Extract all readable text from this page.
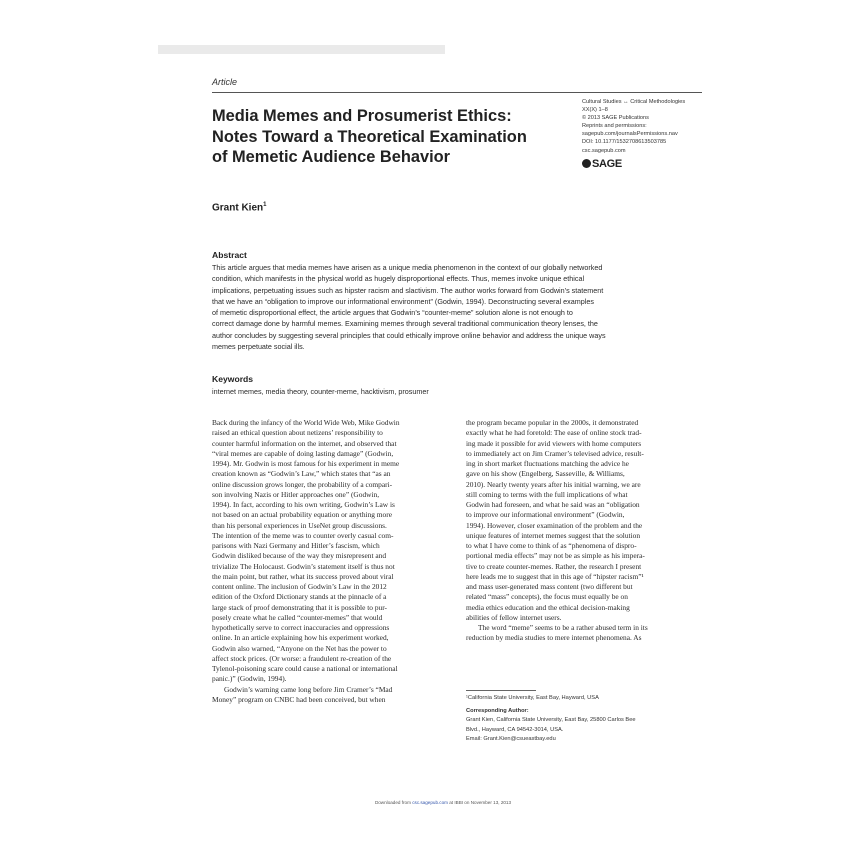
Article
Media Memes and Prosumerist Ethics:
Notes Toward a Theoretical Examination
of Memetic Audience Behavior
Cultural Studies ↔ Critical Methodologies
XX(X) 1–8
© 2013 SAGE Publications
Reprints and permissions:
sagepub.com/journalsPermissions.nav
DOI: 10.1177/1532708613503785
csc.sagepub.com
SAGE
Grant Kien$^1$
Abstract
This article argues that media memes have arisen as a unique media phenomenon in the context of our globally networked
condition, which manifests in the physical world as hugely disproportional effects. Thus, memes invoke unique ethical
implications, perpetuating issues such as hipster racism and slactivism. The author works forward from Godwin’s statement
that we have an “obligation to improve our informational environment” (Godwin, 1994). Deconstructing several examples
of memetic disproportional effect, the article argues that Godwin’s “counter-meme” solution alone is not enough to
correct damage done by harmful memes. Examining memes through several traditional communication theory lenses, the
author concludes by suggesting several principles that could ethically improve online behavior and address the unique ways
memes perpetuate social ills.
Keywords
internet memes, media theory, counter-meme, hacktivism, prosumer
Back during the infancy of the World Wide Web, Mike Godwin
raised an ethical question about netizens’ responsibility to
counter harmful information on the internet, and observed that
“viral memes are capable of doing lasting damage” (Godwin,
1994). Mr. Godwin is most famous for his experiment in meme
creation known as “Godwin’s Law,” which states that “as an
online discussion grows longer, the probability of a compari-
son involving Nazis or Hitler approaches one” (Godwin,
1994). In fact, according to his own writing, Godwin’s Law is
not based on an actual probability equation or anything more
than his personal experiences in UseNet group discussions.
The intention of the meme was to counter overly casual com-
parisons with Nazi Germany and Hitler’s fascism, which
Godwin disliked because of the way they misrepresent and
trivialize The Holocaust. Godwin’s statement itself is thus not
the main point, but rather, what its success proved about viral
content online. The inclusion of Godwin’s Law in the 2012
edition of the Oxford Dictionary stands at the pinnacle of a
large stack of proof demonstrating that it is possible to pur-
posely create what he called “counter-memes” that would
hypothetically serve to correct inaccuracies and oppressions
online. In an article explaining how his experiment worked,
Godwin also warned, “Anyone on the Net has the power to
affect stock prices. (Or worse: a fraudulent re-creation of the
Tylenol-poisoning scare could cause a national or international
panic.)” (Godwin, 1994).
Godwin’s warning came long before Jim Cramer’s “Mad
Money” program on CNBC had been conceived, but when
the program became popular in the 2000s, it demonstrated
exactly what he had foretold: The ease of online stock trad-
ing made it possible for avid viewers with home computers
to immediately act on Jim Cramer’s televised advice, result-
ing in short market fluctuations matching the advice he
gave on his show (Engelberg, Sasseville, & Williams,
2010). Nearly twenty years after his initial warning, we are
still coming to terms with the full implications of what
Godwin had foreseen, and what he said was an “obligation
to improve our informational environment” (Godwin,
1994). However, closer examination of the problem and the
unique features of internet memes suggest that the solution
to what I have come to think of as “phenomena of dispro-
portional media effects” may not be as simple as his impera-
tive to create counter-memes. Rather, the research I present
here leads me to suggest that in this age of “hipster racism”¹
and mass user-generated mass content (two different but
related “mass” concepts), the focus must equally be on
media ethics education and the ethical decision-making
abilities of fellow internet users.
The word “meme” seems to be a rather abused term in its
reduction by media studies to mere internet phenomena. As
¹California State University, East Bay, Hayward, USA
Corresponding Author:
Grant Kien, California State University, East Bay, 25800 Carlos Bee
Blvd., Hayward, CA 94542-3014, USA.
Email: Grant.Kien@csueastbay.edu
Downloaded from csc.sagepub.com at IBBI on November 13, 2013
